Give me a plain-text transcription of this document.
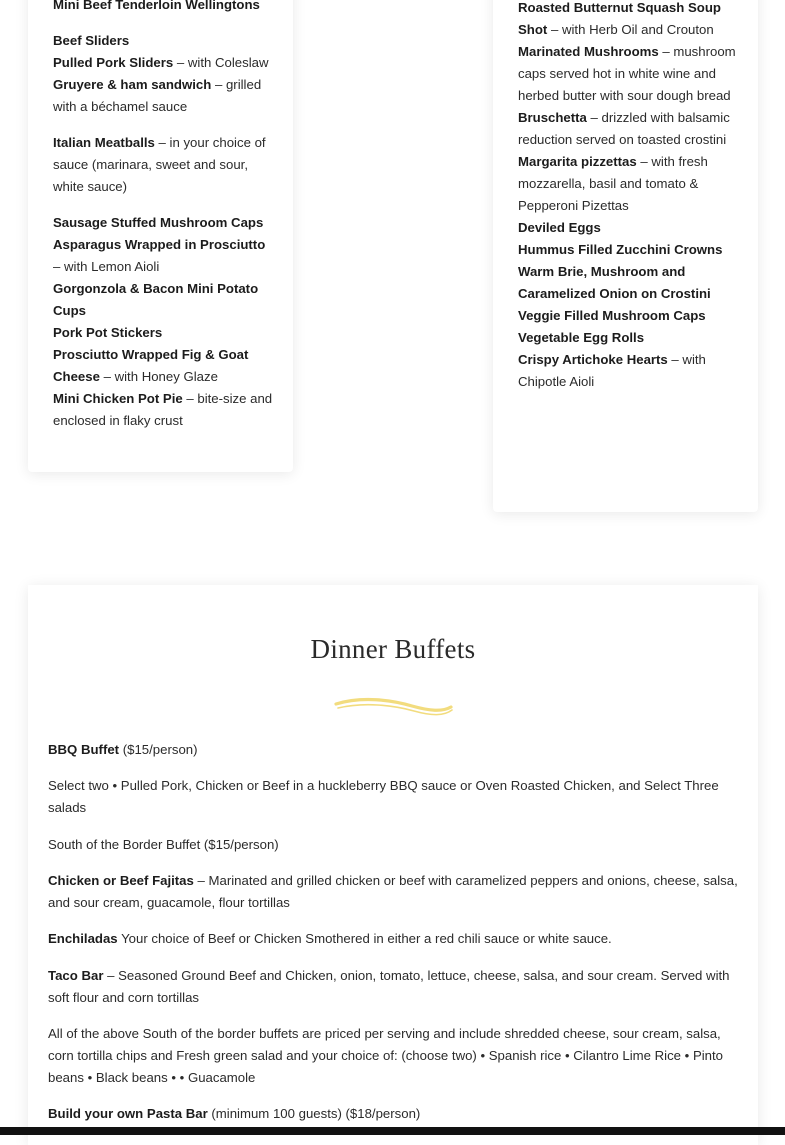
Mini Beef Tenderloin Wellingtons
Beef Sliders
Pulled Pork Sliders – with Coleslaw
Gruyere & ham sandwich – grilled with a béchamel sauce
Italian Meatballs – in your choice of sauce (marinara, sweet and sour, white sauce)
Sausage Stuffed Mushroom Caps
Asparagus Wrapped in Prosciutto – with Lemon Aioli
Gorgonzola & Bacon Mini Potato Cups
Pork Pot Stickers
Prosciutto Wrapped Fig & Goat Cheese – with Honey Glaze
Mini Chicken Pot Pie – bite-size and enclosed in flaky crust
Roasted Butternut Squash Soup Shot – with Herb Oil and Crouton
Marinated Mushrooms – mushroom caps served hot in white wine and herbed butter with sour dough bread
Bruschetta – drizzled with balsamic reduction served on toasted crostini
Margarita pizzettas – with fresh mozzarella, basil and tomato & Pepperoni Pizettas
Deviled Eggs
Hummus Filled Zucchini Crowns
Warm Brie, Mushroom and Caramelized Onion on Crostini
Veggie Filled Mushroom Caps
Vegetable Egg Rolls
Crispy Artichoke Hearts – with Chipotle Aioli
Dinner Buffets
BBQ Buffet ($15/person)
Select two • Pulled Pork, Chicken or Beef in a huckleberry BBQ sauce or Oven Roasted Chicken, and Select Three salads
South of the Border Buffet ($15/person)
Chicken or Beef Fajitas – Marinated and grilled chicken or beef with caramelized peppers and onions, cheese, salsa, and sour cream, guacamole, flour tortillas
Enchiladas Your choice of Beef or Chicken Smothered in either a red chili sauce or white sauce.
Taco Bar – Seasoned Ground Beef and Chicken, onion, tomato, lettuce, cheese, salsa, and sour cream. Served with soft flour and corn tortillas
All of the above South of the border buffets are priced per serving and include shredded cheese, sour cream, salsa, corn tortilla chips and Fresh green salad and your choice of: (choose two) • Spanish rice • Cilantro Lime Rice • Pinto beans • Black beans • • Guacamole
Build your own Pasta Bar (minimum 100 guests) ($18/person)
